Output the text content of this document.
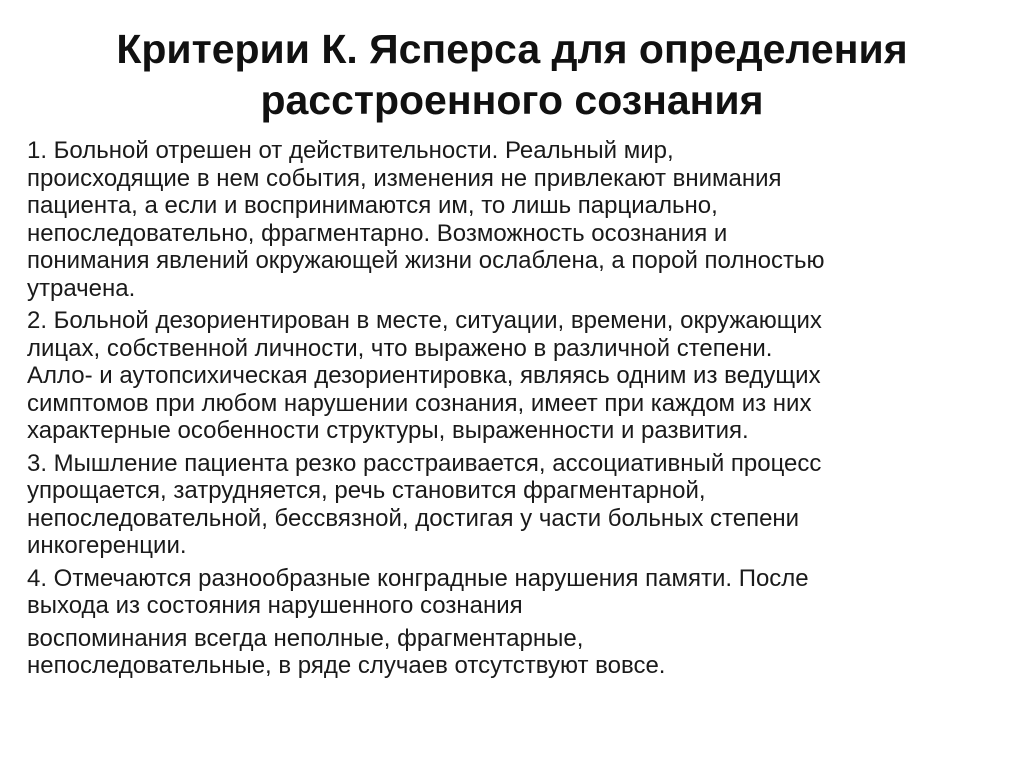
Критерии К. Ясперса для определения
расстроенного сознания

1. Больной отрешен от действительности. Реальный мир,
происходящие в нем события, изменения не привлекают внимания
пациента, а если и воспринимаются им, то лишь парциально,
непоследовательно, фрагментарно. Возможность осознания и
понимания явлений окружающей жизни ослаблена, а порой полностью
утрачена.

2. Больной дезориентирован в месте, ситуации, времени, окружающих
лицах, собственной личности, что выражено в различной степени.
Алло- и аутопсихическая дезориентировка, являясь одним из ведущих
симптомов при любом нарушении сознания, имеет при каждом из них
характерные особенности структуры, выраженности и развития.

3. Мышление пациента резко расстраивается, ассоциативный процесс
упрощается, затрудняется, речь становится фрагментарной,
непоследовательной, бессвязной, достигая у части больных степени
инкогеренции.

4. Отмечаются разнообразные конградные нарушения памяти. После
выхода из состояния нарушенного сознания

воспоминания всегда неполные, фрагментарные,
непоследовательные, в ряде случаев отсутствуют вовсе.
